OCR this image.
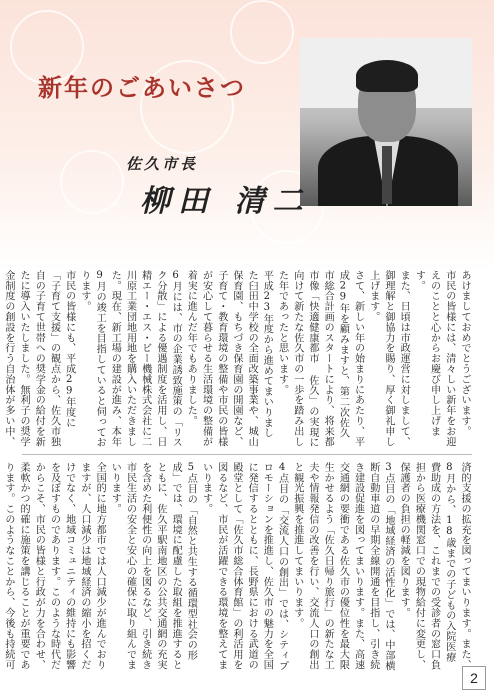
新年のごあいさつ
佐久市長
柳田 清二

あけましておめでとうございます。

市民の皆様には、清々しい新年をお迎えのことと心からお慶び申し上げます。

また、日頃は市政運営に対しまして、御理解と御協力を賜り、厚く御礼申し上げます。

さて、新しい年の始まりにあたり、平成29年を顧みますと、第二次佐久市総合計画のスタートにより、将来都市像「快適健康都市 佐久」の実現に向けて新たな佐久市の一歩を踏み出した年であったと思います。

平成23年度から進めてまいりました臼田中学校の全面改築事業や、城山保育園、もちづき保育園の開園など、子育て・教育環境の整備や市民の皆様が安心して暮らせる生活環境の整備が着実に進んだ年でもありました。

6月には、市の企業誘致施策の「リスク分散」による優遇制度を活用し、日精エー・エス・ビー機械株式会社に二川原工業団地用地を購入いただきました。現在、新工場の建設が進み、本年9月の竣工を目指していると伺っております。

市民の皆様にも、平成29年度に「子育て支援」の観点から、佐久市独自の子育て世帯への奨学金の給付を新たに導入いたしました。無利子の奨学金制度の創設を行う自治体が多い中、

済的支援の拡充を図ってまいります。また、8月から、18歳までの子どもの入院医療費助成の方法を、これまでの受診者の窓口負担から医療機関窓口での現物給付に変更し、保護者の負担の軽減を図ります。

3点目の「地域経済の活性化」では、中部横断自動車道の早期全線開通を目指し、引き続き建設促進を図ってまいります。また、高速交通網の要衝である佐久市の優位性を最大限生かせるよう「佐久日帰り旅行」の新たな工夫や情報発信の改善を行い、交流人口の創出と観光振興を推進してまいります。

4点目の「交流人口の創出」では、シティプロモーションを推進し、佐久市の魅力を全国に発信するとともに、長野県における武道の殿堂として「佐久市総合体育館」の利活用を図るなど、市民が活躍できる環境を整えてまいります。

5点目の「自然と共生する循環型社会の形成」では、環境に配慮した取組を推進するとともに、佐久平駅南地区の公共交通網の充実を含めた利便性の向上を図るなど、引き続き市民生活の安全と安心の確保に取り組んでまいります。

全国的に地方都市では人口減少が進んでおりますが、人口減少は地域経済の縮小を招くだけでなく、地域コミュニティの維持にも影響を及ぼすものであります。このような時代だからこそ、市民の皆様と行政が力を合わせ、柔軟かつ的確に施策を講じることが重要であります。このようなことから、今後も持続可

2
